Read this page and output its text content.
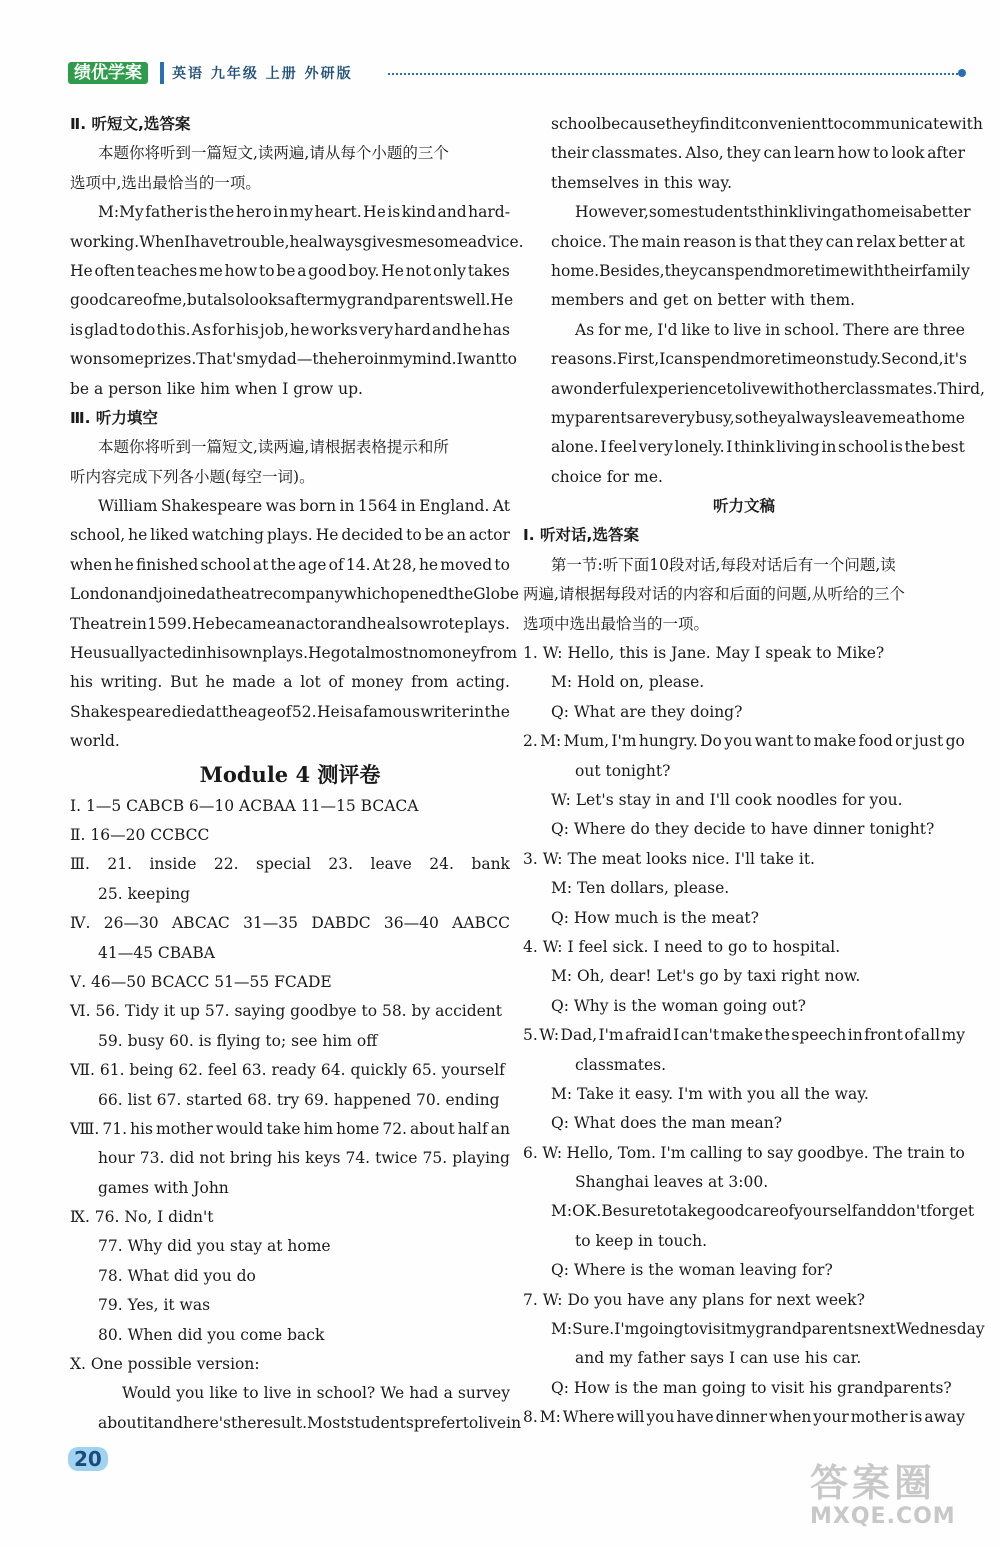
绩优学案	英语 九年级 上册 外研版
Ⅱ. 听短文,选答案
本题你将听到一篇短文,读两遍,请从每个小题的三个
选项中,选出最恰当的一项。
M:My father is the hero in my heart. He is kind and hard-
working. When I have trouble, he always gives me some advice.
He often teaches me how to be a good boy. He not only takes
good care of me, but also looks after my grandparents well. He
is glad to do this. As for his job, he works very hard and he has
won some prizes. That's my dad—the hero in my mind. I want to
be a person like him when I grow up.
Ⅲ. 听力填空
本题你将听到一篇短文,读两遍,请根据表格提示和所
听内容完成下列各小题(每空一词)。
William Shakespeare was born in 1564 in England. At
school, he liked watching plays. He decided to be an actor
when he finished school at the age of 14. At 28, he moved to
London and joined a theatre company which opened the Globe
Theatre in 1599. He became an actor and he also wrote plays.
He usually acted in his own plays. He got almost no money from
his writing. But he made a lot of money from acting.
Shakespeare died at the age of 52. He is a famous writer in the
world.
Module 4 测评卷
Ⅰ. 1—5 CABCB 6—10 ACBAA 11—15 BCACA
Ⅱ. 16—20 CCBCC
Ⅲ. 21. inside 22. special 23. leave 24. bank
25. keeping
Ⅳ. 26—30 ABCAC 31—35 DABDC 36—40 AABCC
41—45 CBABA
Ⅴ. 46—50 BCACC 51—55 FCADE
Ⅵ. 56. Tidy it up 57. saying goodbye to 58. by accident
59. busy 60. is flying to; see him off
Ⅶ. 61. being 62. feel 63. ready 64. quickly 65. yourself
66. list 67. started 68. try 69. happened 70. ending
Ⅷ. 71. his mother would take him home 72. about half an
hour 73. did not bring his keys 74. twice 75. playing
games with John
Ⅸ. 76. No, I didn't
77. Why did you stay at home
78. What did you do
79. Yes, it was
80. When did you come back
Ⅹ. One possible version:
Would you like to live in school? We had a survey
about it and here's the result. Most students prefer to live in
school because they find it convenient to communicate with
their classmates. Also, they can learn how to look after
themselves in this way.
However, some students think living at home is a better
choice. The main reason is that they can relax better at
home. Besides, they can spend more time with their family
members and get on better with them.
As for me, I'd like to live in school. There are three
reasons. First, I can spend more time on study. Second, it's
a wonderful experience to live with other classmates. Third,
my parents are very busy, so they always leave me at home
alone. I feel very lonely. I think living in school is the best
choice for me.
听力文稿
Ⅰ. 听对话,选答案
第一节:听下面10段对话,每段对话后有一个问题,读
两遍,请根据每段对话的内容和后面的问题,从听给的三个
选项中选出最恰当的一项。
1. W: Hello, this is Jane. May I speak to Mike?
M: Hold on, please.
Q: What are they doing?
2. M: Mum, I'm hungry. Do you want to make food or just go
out tonight?
W: Let's stay in and I'll cook noodles for you.
Q: Where do they decide to have dinner tonight?
3. W: The meat looks nice. I'll take it.
M: Ten dollars, please.
Q: How much is the meat?
4. W: I feel sick. I need to go to hospital.
M: Oh, dear! Let's go by taxi right now.
Q: Why is the woman going out?
5. W: Dad, I'm afraid I can't make the speech in front of all my
classmates.
M: Take it easy. I'm with you all the way.
Q: What does the man mean?
6. W: Hello, Tom. I'm calling to say goodbye. The train to
Shanghai leaves at 3:00.
M: OK. Be sure to take good care of yourself and don't forget
to keep in touch.
Q: Where is the woman leaving for?
7. W: Do you have any plans for next week?
M: Sure. I'm going to visit my grandparents next Wednesday
and my father says I can use his car.
Q: How is the man going to visit his grandparents?
8. M: Where will you have dinner when your mother is away
20
答案圈
MXQE.COM
